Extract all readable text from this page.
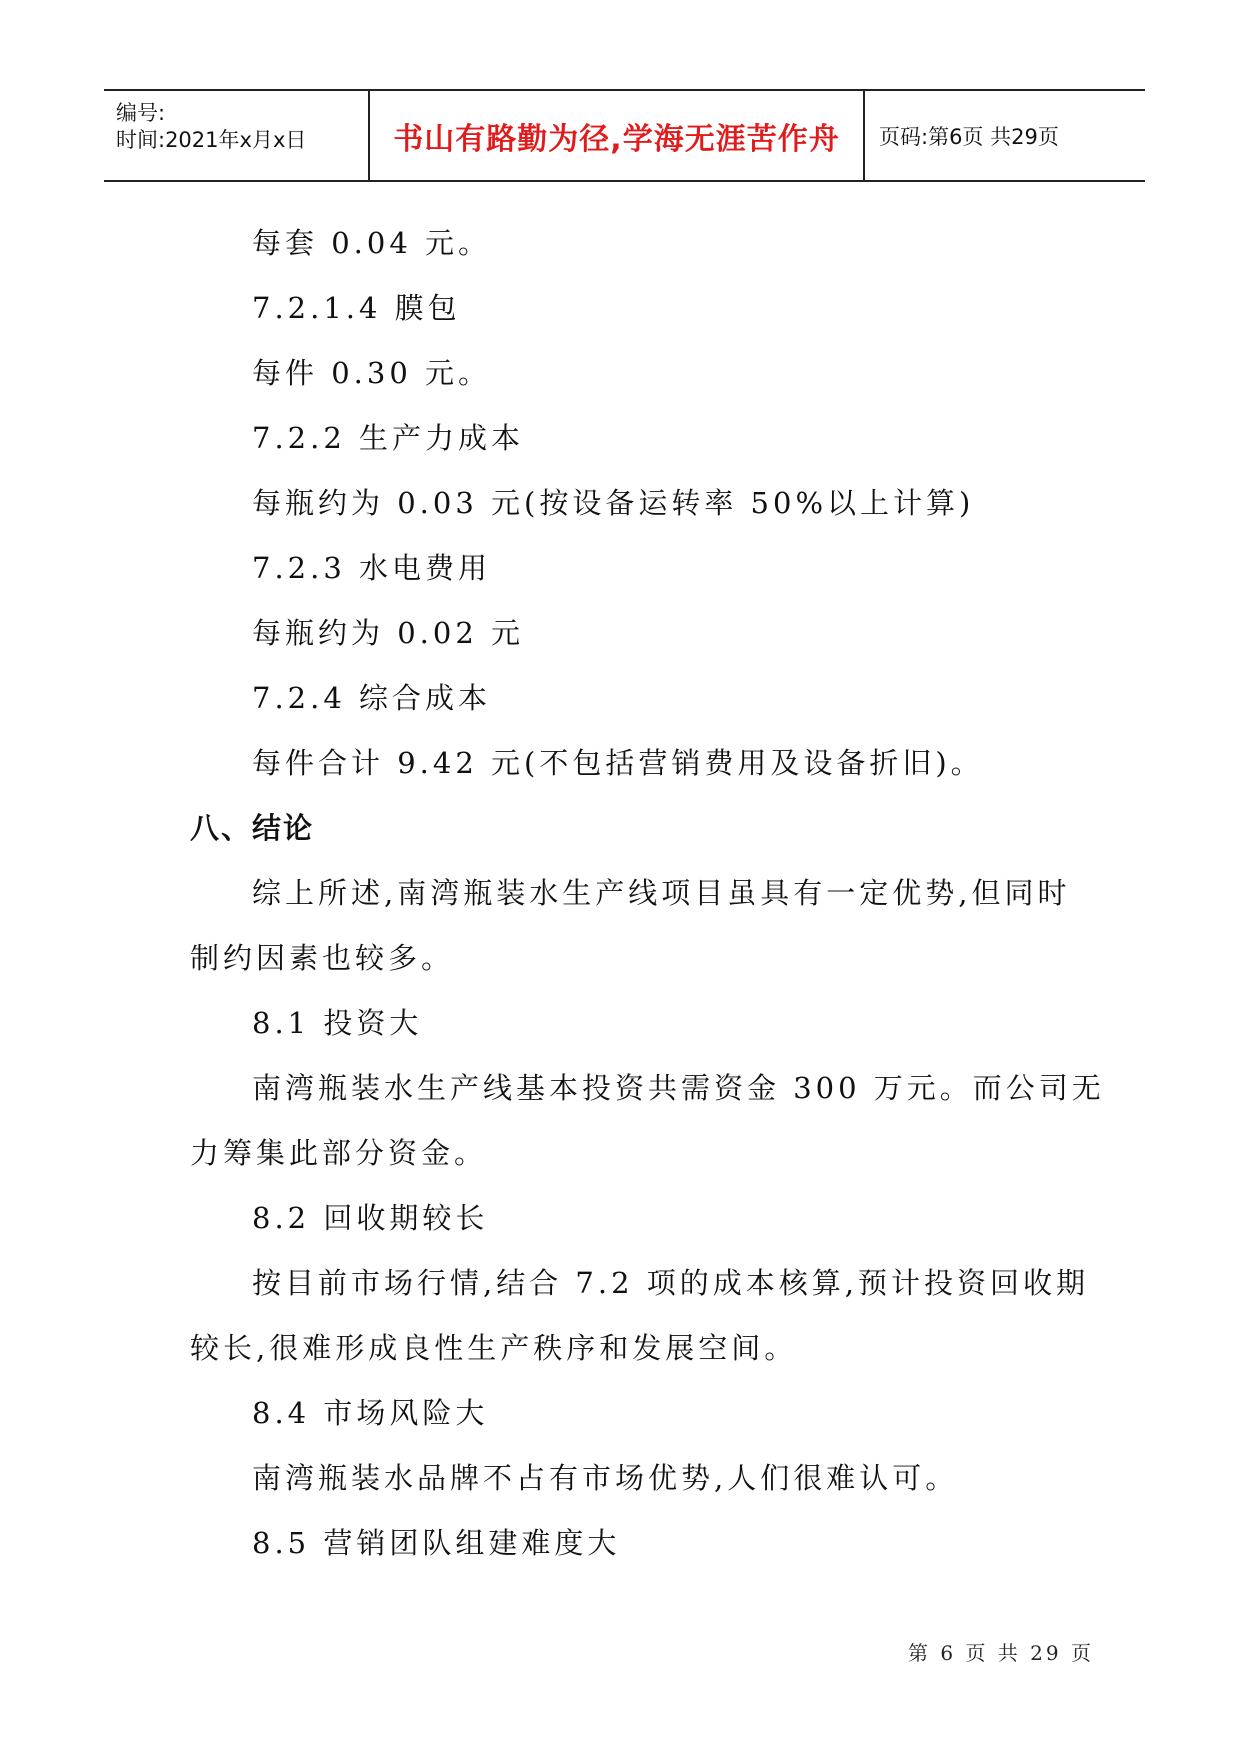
编号:
时间:2021年x月x日	书山有路勤为径,学海无涯苦作舟	页码:第6页 共29页
每套 0.04 元。
7.2.1.4 膜包
每件 0.30 元。
7.2.2 生产力成本
每瓶约为 0.03 元(按设备运转率 50%以上计算)
7.2.3 水电费用
每瓶约为 0.02 元
7.2.4 综合成本
每件合计 9.42 元(不包括营销费用及设备折旧)。
八、结论
综上所述,南湾瓶装水生产线项目虽具有一定优势,但同时
制约因素也较多。
8.1 投资大
南湾瓶装水生产线基本投资共需资金 300 万元。而公司无
力筹集此部分资金。
8.2 回收期较长
按目前市场行情,结合 7.2 项的成本核算,预计投资回收期
较长,很难形成良性生产秩序和发展空间。
8.4 市场风险大
南湾瓶装水品牌不占有市场优势,人们很难认可。
8.5 营销团队组建难度大
第 6 页 共 29 页
